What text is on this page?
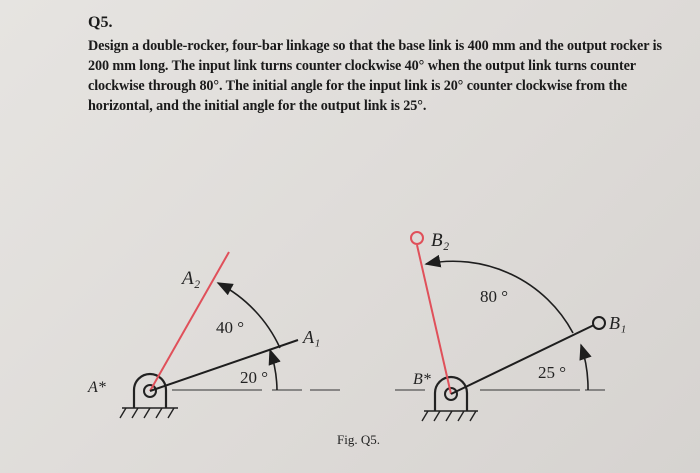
Q5.

Design a double-rocker, four-bar linkage so that the base link is 400 mm and the output rocker is 200 mm long. The input link turns counter clockwise 40° when the output link turns counter clockwise through 80°. The initial angle for the input link is 20° counter clockwise from the horizontal, and the initial angle for the output link is 25°.

A*
A₂
A₁
40 °
20 °	B*
B₂
B₁
80 °
25 °
Fig. Q5.
